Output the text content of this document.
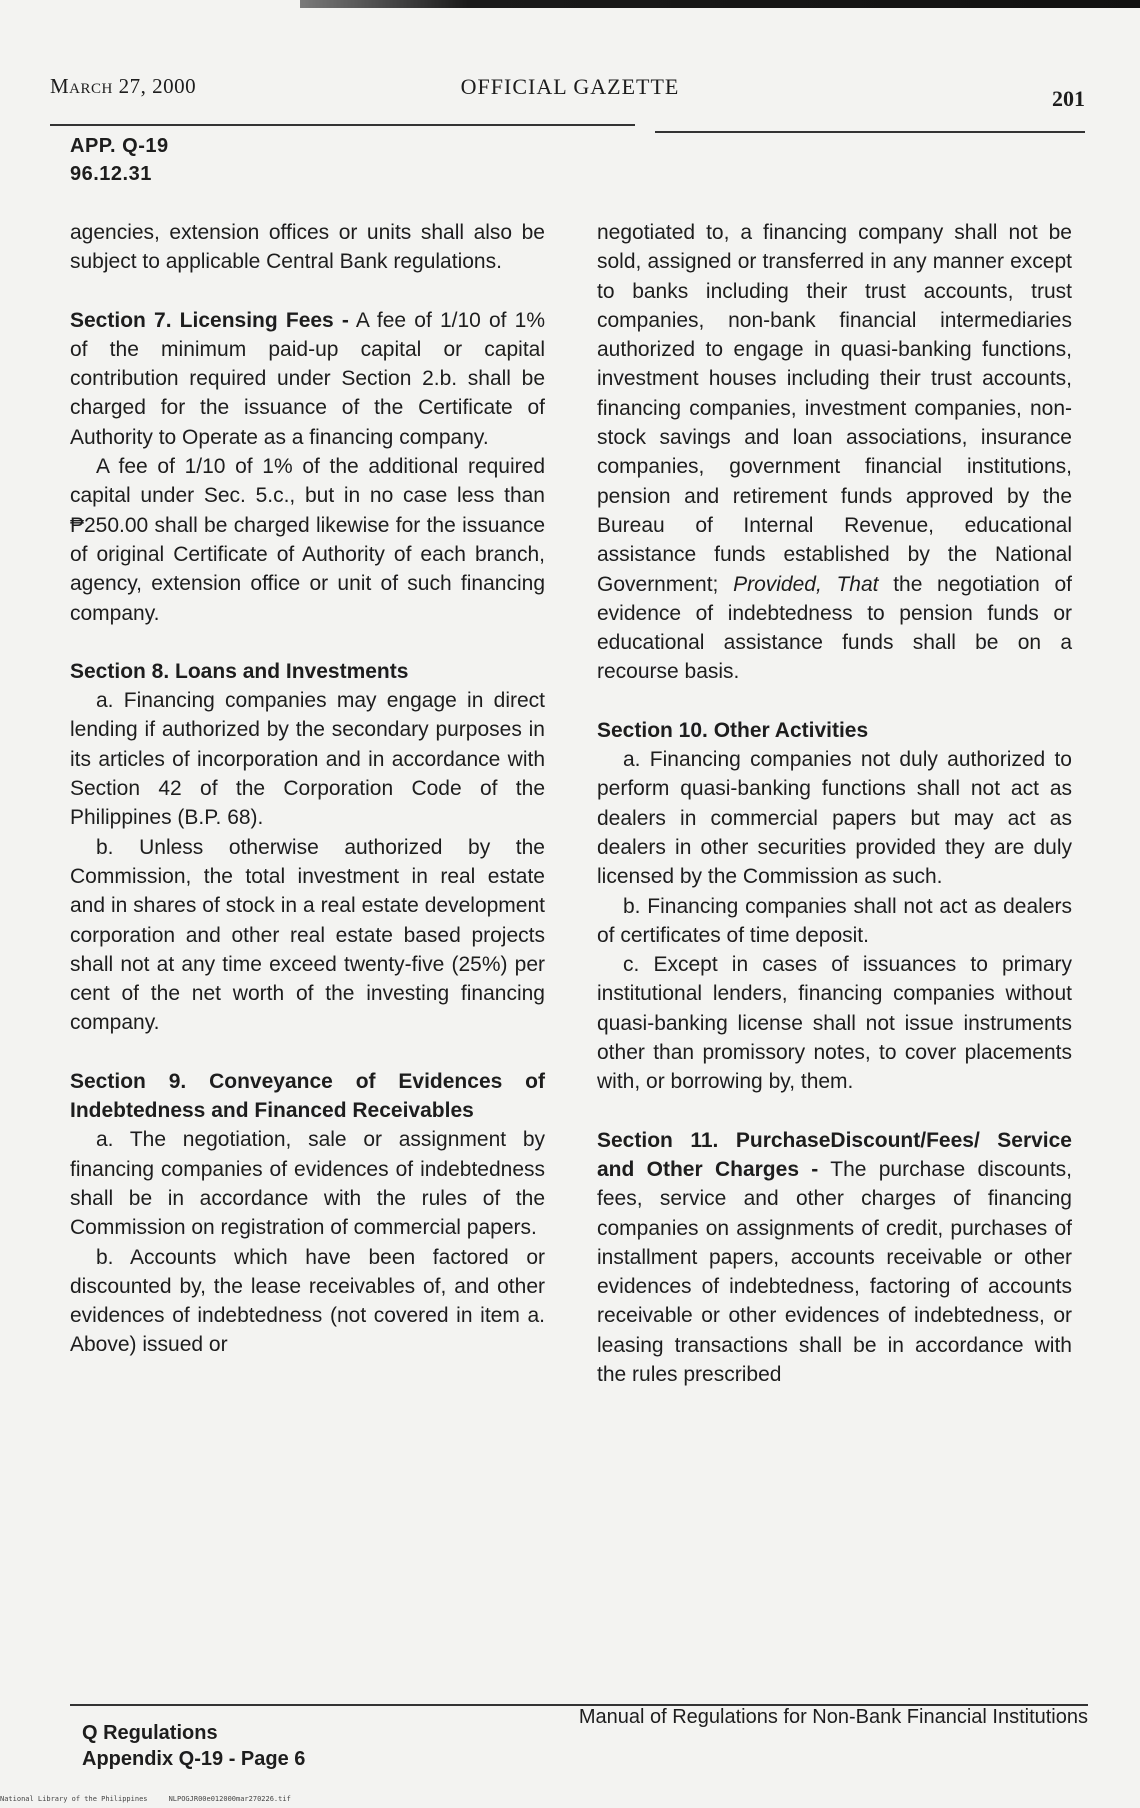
March 27, 2000	OFFICIAL GAZETTE	201
APP. Q-19
96.12.31

agencies, extension offices or units shall also be subject to applicable Central Bank regulations.

Section 7. Licensing Fees - A fee of 1/10 of 1% of the minimum paid-up capital or capital contribution required under Section 2.b. shall be charged for the issuance of the Certificate of Authority to Operate as a financing company.

A fee of 1/10 of 1% of the additional required capital under Sec. 5.c., but in no case less than ₱250.00 shall be charged likewise for the issuance of original Certificate of Authority of each branch, agency, extension office or unit of such financing company.

Section 8. Loans and Investments

a. Financing companies may engage in direct lending if authorized by the secondary purposes in its articles of incorporation and in accordance with Section 42 of the Corporation Code of the Philippines (B.P. 68).

b. Unless otherwise authorized by the Commission, the total investment in real estate and in shares of stock in a real estate development corporation and other real estate based projects shall not at any time exceed twenty-five (25%) per cent of the net worth of the investing financing company.

Section 9. Conveyance of Evidences of Indebtedness and Financed Receivables

a. The negotiation, sale or assignment by financing companies of evidences of indebtedness shall be in accordance with the rules of the Commission on registration of commercial papers.

b. Accounts which have been factored or discounted by, the lease receivables of, and other evidences of indebtedness (not covered in item a. Above) issued or

negotiated to, a financing company shall not be sold, assigned or transferred in any manner except to banks including their trust accounts, trust companies, non-bank financial intermediaries authorized to engage in quasi-banking functions, investment houses including their trust accounts, financing companies, investment companies, non-stock savings and loan associations, insurance companies, government financial institutions, pension and retirement funds approved by the Bureau of Internal Revenue, educational assistance funds established by the National Government; Provided, That the negotiation of evidence of indebtedness to pension funds or educational assistance funds shall be on a recourse basis.

Section 10. Other Activities

a. Financing companies not duly authorized to perform quasi-banking functions shall not act as dealers in commercial papers but may act as dealers in other securities provided they are duly licensed by the Commission as such.

b. Financing companies shall not act as dealers of certificates of time deposit.

c. Except in cases of issuances to primary institutional lenders, financing companies without quasi-banking license shall not issue instruments other than promissory notes, to cover placements with, or borrowing by, them.

Section 11. PurchaseDiscount/Fees/ Service and Other Charges - The purchase discounts, fees, service and other charges of financing companies on assignments of credit, purchases of installment papers, accounts receivable or other evidences of indebtedness, factoring of accounts receivable or other evidences of indebtedness, or leasing transactions shall be in accordance with the rules prescribed

Q Regulations
Appendix Q-19 - Page 6
Manual of Regulations for Non-Bank Financial Institutions
National Library of the Philippines     NLPOGJR00e012000mar270226.tif
